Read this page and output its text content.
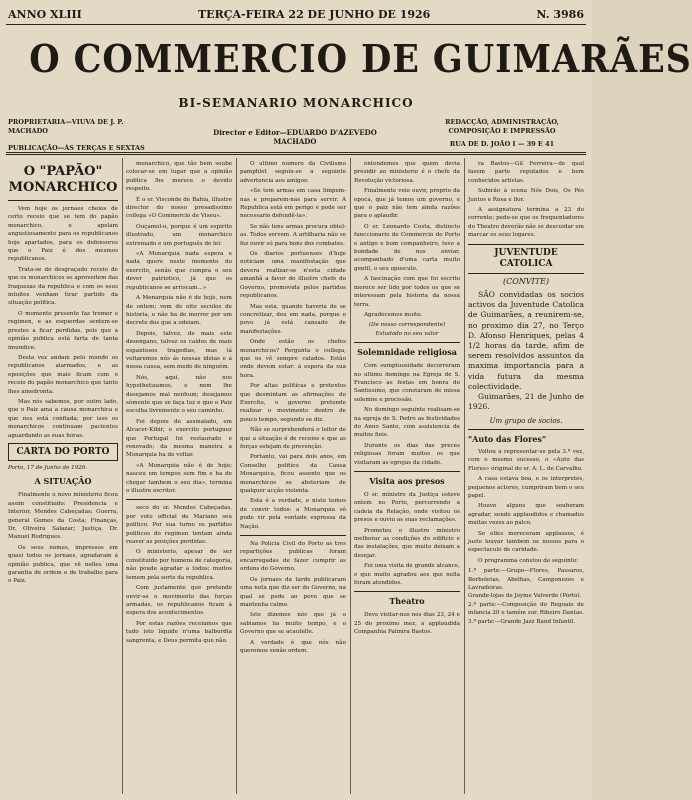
ANNO XLIII	TERÇA-FEIRA 22 DE JUNHO DE 1926	N. 3986
O COMMERCIO DE GUIMARÃES
BI-SEMANARIO MONARCHICO
PROPRIETARIA—VIUVA DE J. P. MACHADO
PUBLICAÇÃO—ÁS TERÇAS E SEXTAS
Director e Editor—EDUARDO D'AZEVEDO MACHADO
REDACÇÃO, ADMINISTRAÇÃO, COMPOSIÇÃO E IMPRESSÃO
RUA DE D. JOÃO I — 39 E 41
O "PAPÃO" MONARCHICO

Vem hoje os jornaes cheios de certo receio que se tem do papão monarchico, e apelam angustiosamente para os republicanos hoje apartados, para os defensores que o Paiz é dos mesmos republicanos.

Trata-se do desgraçado receio de que os monarchicos se aproveitem das fraquezas da republica e com os seus intuitos venham tirar partido da situação politica.

O momento presente faz tremer o regimen, e as esquerdas sentem-se prestes a ficar perdidas, pois que a opinião publica está farta de tanta imundice.

Desta vez andam pelo mundo os republicanos alarmados, e as oposições que mais ficam com o receio do papão monarchico que tanto lhes amedronta.

Mas nós sabemos, por outro lado, que o Paiz ama a causa monarchica e que nos está confiada; por isso os monarchicos continuam pacientes aguardando as suas horas.

CARTA DO PORTO
Porto, 17 de Junho de 1926.
A SITUAÇÃO

Finalmente o novo ministerio ficou assim constituido: Presidencia e Interior, Mendes Cabeçadas; Guerra, general Gomes da Costa; Finanças, Dr. Oliveira Salazar; Justiça, Dr. Manuel Rodrigues.

Os seus nomes, impressos em quasi todos os jornaes, agradaram á opinião publica, que vê nelles uma garantia de ordem e de trabalho para o Paiz.

monarchico, que tão bem soube colocar-se em lugar que a opinião publica lhe merece o devido respeito.

É o sr. Visconde de Bahia, illustre director do nosso presadissimo collega «O Commercio de Viseu».

Ouçamol-o, porque é um espirito illustrado, um monarchico extremado e um português de lei:

«A Monarquia nada espera e nada quere neste momento do exercito, senão que cumpra o seu dever patriotico, já que os republicanos se arriscam...»

A Monarquia não é de hoje, nem de ontem; vem de oito seculos de historia, e não ha de morrer por um decreto dos que a odeiam.

Depois, talvez, de mais este desengano, talvez os caídos de mais espantosos tragedias, mas lá voltaremos nós ás nossas ideias e á nossa causa, sem medo de ninguém.

Nós, aqui, não nos hypothetizamos, e nem lhe desejamos mal nenhum; desejamos sómente que se faça luz e que o Paiz escolha livremente o seu caminho.

Foi depois de assinalado, em Alcacer-Kibir, o exercito portuguez que Portugal foi restaurado e renovado; da mesma maneira a Monarquia ha de voltar.

«A Monarquia não é de hoje; nasceu em tempos sem fim e ha de chegar tambem o seu dia», termina o illustre escritor.

seco do sr. Mendes Cabeçadas, por voto official de Mariano seu politico. Por sua turno os partidos politicos do regimen tentam ainda reaver as posições perdidas.

O ministerio, apesar de ser constituido por homens de categoria, não poude agradar a todos; muitos temem pela sorte da republica.

Com justamente que pretende ouvir-se o movimento das forças armadas, os republicanos ficam á espera dos acontecimentos.

Por estas razões receiamos que tudo isto liquide n'uma balburdia sangrenta, e Deus permita que não.

O ultimo numero da Civilismo pamphlet seguiu-se a seguinte advertencia aos amigos:

«Se tem armas em casa limpem-nas e preparem-nas para servir. A Republica está em perigo e pode ser necessario defendê-la».

Se não tens armas procura obtel-as. Todos servem. A artilharia não se fez ouvir só para bons dos combates.

Os diarios portuenses d'hoje noticiam uma manifestação que devera realizar-se n'esta cidade amanhã a favor do illustre chefe do Governo, promovida pelos partidos republicanos.

Mas esta, quando haveria de se concretizar, deu em nada, porque o povo já está cansado de manifestações.

Onde estão os chefes monarchicos? Pergunta o collega, que os vê sempre calados. Estão onde devem estar: á espera da sua hora.

Por altas politicas e pretextos que desmintam as afirmações do Exercito, o governo pretende realizar o movimento dentro de pouco tempo, segundo se diz.

Não se surprehenderá o leitor de que a situação é de receios e que as forças estejam de prevenção.

Portanto, vai para dois anos, em Conselho politico da Causa Monarquica, ficou assente que os monarchicos se absteriam de qualquer acção violenta.

Esta é a verdade, e nisto temos de convir todos: a Monarquia só pode vir pela vontade expressa da Nação.

Na Policia Civil do Porto as tres repartições publicas foram encarregadas de fazer cumprir as ordens do Governo.

Os jornaes da tarde publicaram uma nota que diz ser do Governo, na qual se pede ao povo que se mantenha calmo.

Isto dizemos nós que já o sabiamos ha muito tempo, e o Governo que se acautelle.

A verdade é que nós não queremos senão ordem.

entendemos que quem devia presidir ao ministerio é o chefe da Revolução victoriosa.

Finalmente veio ouvir, proprio da epoca, que já temos um governo, e que o paiz não tem ainda razões para o aplaudir.

O sr. Leonardo Costa, distincto funccionario do Commercio do Porto e antigo e bom companheiro, teve a bondade de nos enviar, acompanhado d'uma carta muito gentil, o seu opusculo.

A fascinação com que foi escrito merece ser lido por todos os que se interessam pela historia da nossa terra.

Agradecemos muito.

(De nosso correspondente)
Estudado no seu valor
Solemnidade religiosa

Com sumptuosidade decorreram no ultimo domingo na Egreja de S. Francisco as festas em honra do Santissimo, que constaram de missa solemne e procissão.

No domingo seguinte realisam-se na egreja de S. Pedro as festividades do Anno Santo, com assistencia de muitos fieis.

Durante os dias das preces religiosas foram muitos os que visitaram as egrejas da cidade.

Visita aos presos

O sr. ministro da Justiça esteve ontem no Porto, percorrendo a cadeia da Relação, onde visitou os presos e ouviu as suas reclamações.

Prometeu o illustre ministro melhorar as condições do edificio e das instalações, que muito deixam a desejar.

Foi uma visita de grande alcance, e que muito agradou aos que nella foram atendidos.

Theatro

Deve visitar-nos nos dias 23, 24 e 25 do proximo mez, a applaudida Companhia Palmira Bastos.

ra Bastos—Gil Ferreira—de qual fazem parte reputados e bem conhecidos artistas.

Subirão á scena Nós Dois, Os Pés Juntos e Rosa e flor.

A assignatura termina a 23 do corrente; pede-se que os frequentadores do Theatro deverão não se descuidar em marcar os seus logares.

JUVENTUDE CATOLICA
(CONVITE)

SÃO convidadas os socios activos da Juventude Catolica de Guimarães, a reunirem-se, no proximo dia 27, no Terço D. Afonso Henriques, pelas 4 1/2 horas da tarde, afim de serem resolvidos assuntos da maxima importancia para a vida futura da mesma colectividade.

Guimarães, 21 de Junho de 1926.

Um grupo de socios.
"Auto das Flores"

Voltou a representar-se pela 3.ª vez, com o mesmo sucesso, o «Auto das Flores» original do sr. A. L. de Carvalho.

A casa estava boa, e os interpretes, pequenos actores, cumpriram bem o seu papel.

Houve alguns que souberam agradar, sendo applaudidos e chamados muitas vezes ao palco.

Se elles mereceram applausos, é justo louvar tambem os nossos para o espectaculo de caridade.

O programma constou de seguinte:

1.ª parte:—Grupo—Flores, Passaros, Borboletas, Abelhas, Camponezes e Lavradeiras.

Grande-lojas de Joyme Valverde (Porto).

2.ª parte:—Composição do Regoaio de infancia 20 e tamém sur. Ribeiro Dantas.

3.ª parte:—Grande Jazz Band Infantil.
